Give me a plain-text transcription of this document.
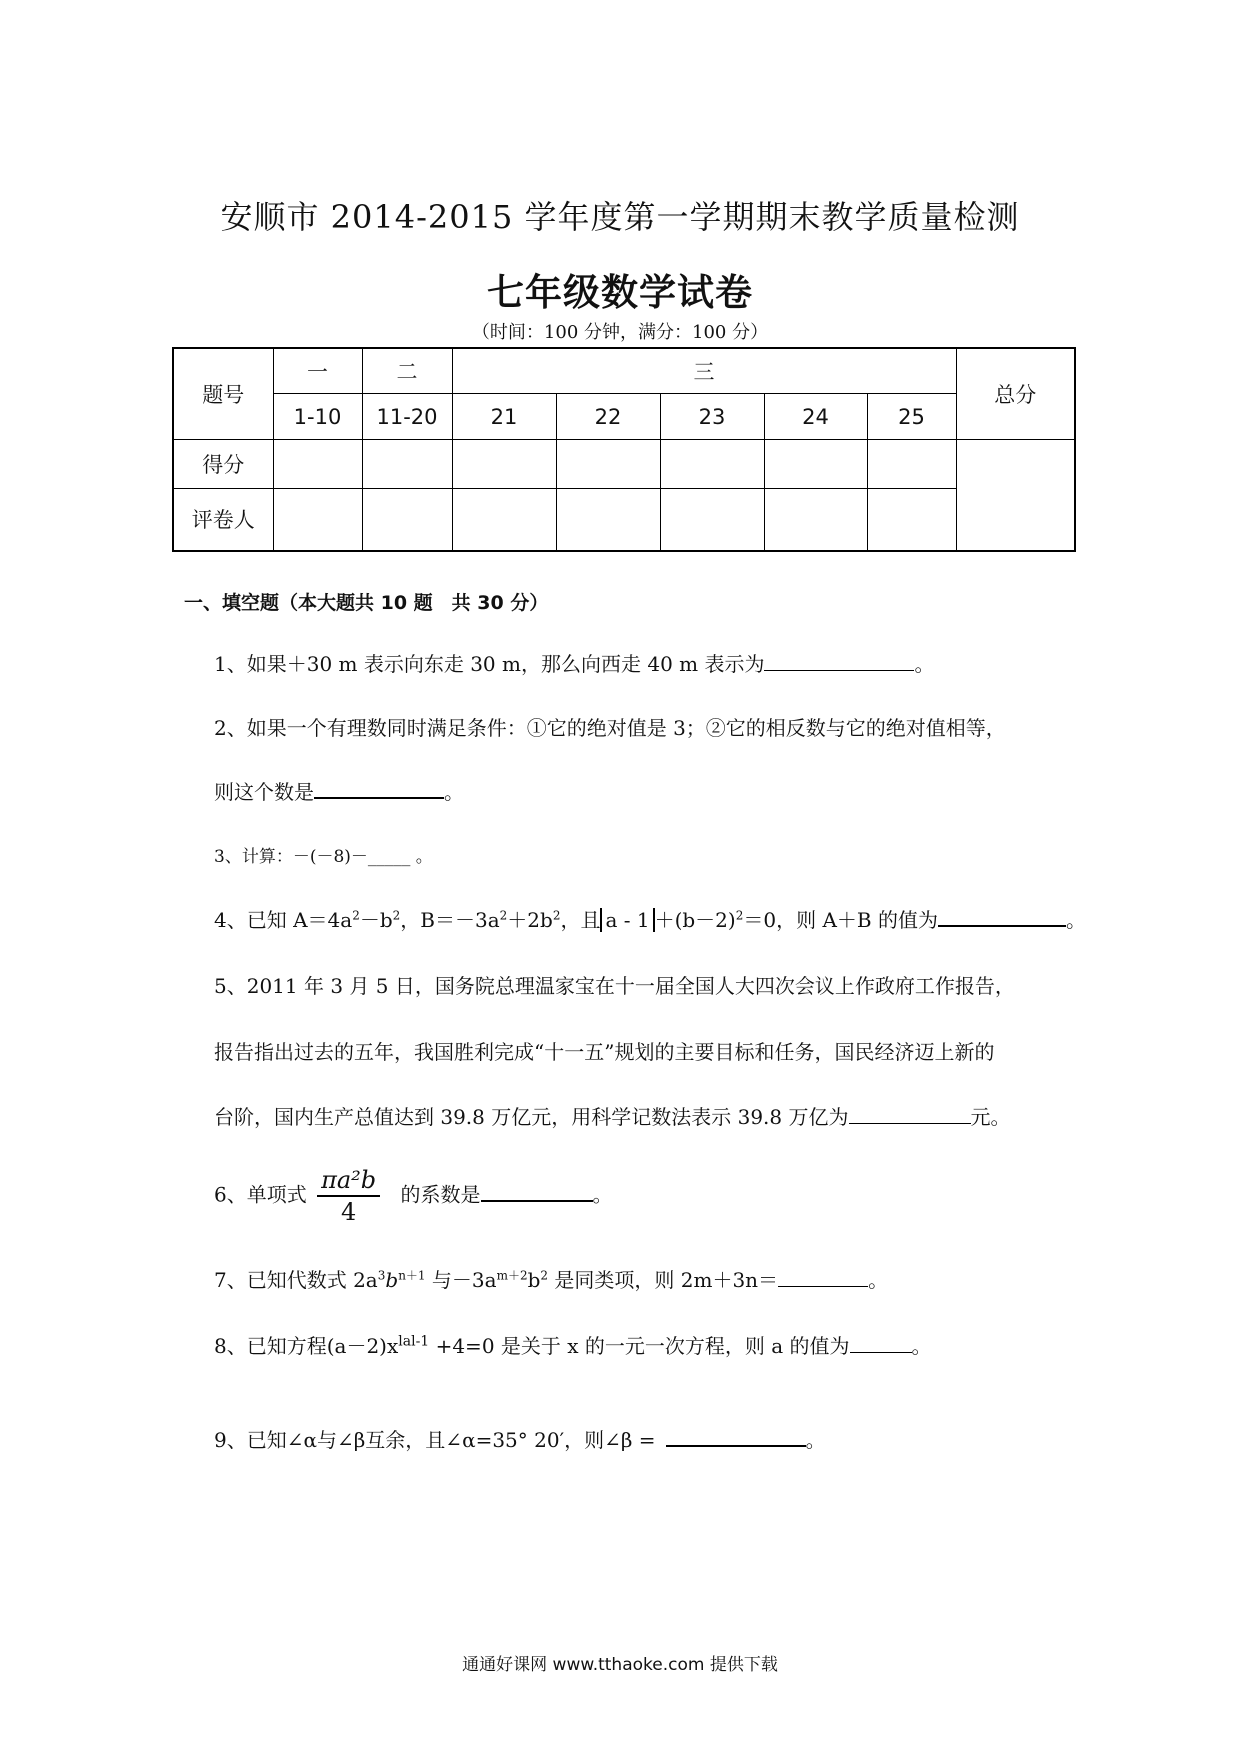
安顺市 2014-2015 学年度第一学期期末教学质量检测
七年级数学试卷
题号	一	二	三					总分
	1-10	11-20	21	22	23	24	25	
得分								
评卷人								
（时间：100 分钟，满分：100 分）
一、填空题（本大题共 10 题　共 30 分）
1、如果＋30 m 表示向东走 30 m，那么向西走 40 m 表示为	。
2、如果一个有理数同时满足条件：①它的绝对值是 3；②它的相反数与它的绝对值相等，
则这个数是	。
3、计算：－(－8)－_____ 。
4、已知 $A=4a^2-b^2$，$B=-3a^2+2b^2$，且 $a - 1 +(b-2)^2=0$，则 A＋B 的值为	。
5、2011 年 3 月 5 日，国务院总理温家宝在十一届全国人大四次会议上作政府工作报告，
报告指出过去的五年，我国胜利完成“十一五”规划的主要目标和任务，国民经济迈上新的
台阶，国内生产总值达到 39.8 万亿元，用科学记数法表示 39.8 万亿为	元。
6、单项式 $\frac{\text{πa²b}}{4}$ 的系数是	。
7、已知代数式 $2a^3b^{n+1}$ 与$-3a^{m+2}b^2$ 是同类项，则 2m＋3n＝	。
8、已知方程$(a-2)x^{lal-1} +4=0$ 是关于 x 的一元一次方程，则 a 的值为	。
9、已知∠α与∠β互余，且∠α=35° 20′，则∠β =	。
通通好课网 www.tthaoke.com 提供下载
